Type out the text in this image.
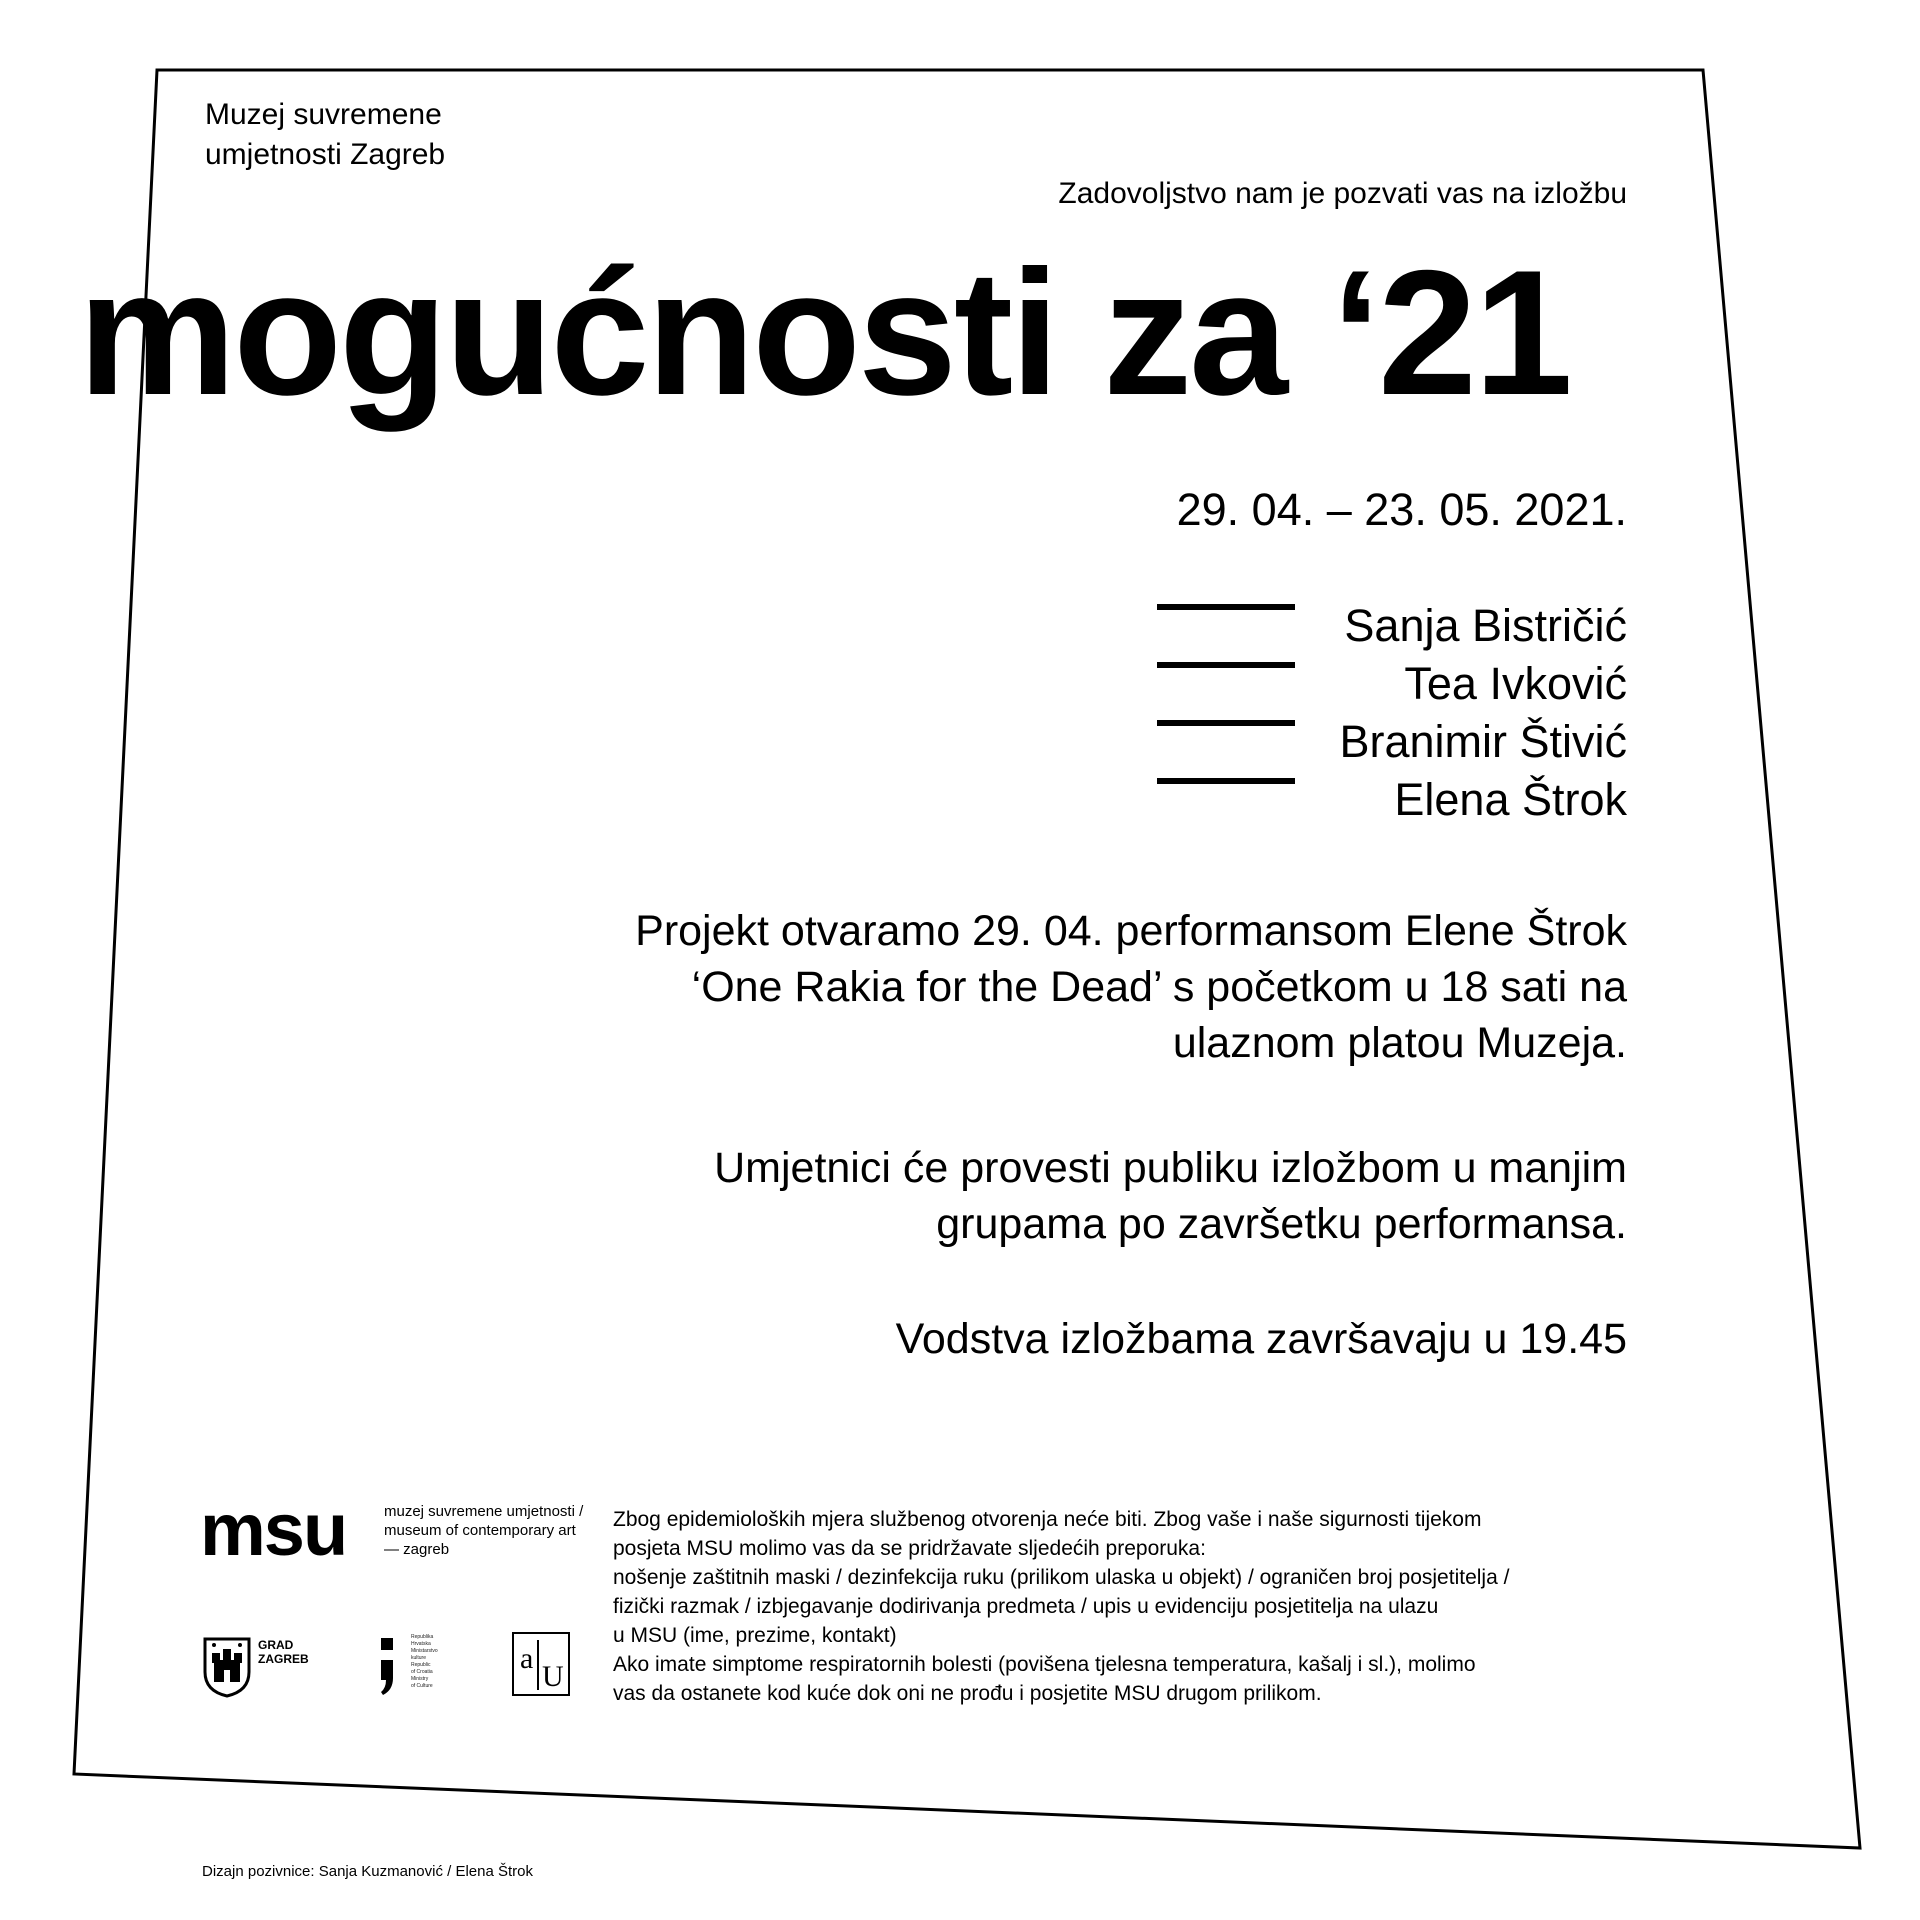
Muzej suvremene
umjetnosti Zagreb
Zadovoljstvo nam je pozvati vas na izložbu
mogućnosti za ‘21
29. 04. – 23. 05. 2021.
Sanja Bistričić
Tea Ivković
Branimir Štivić
Elena Štrok
Projekt otvaramo 29. 04. performansom Elene Štrok
‘One Rakia for the Dead’ s početkom u 18 sati na
ulaznom platou Muzeja.
Umjetnici će provesti publiku izložbom u manjim
grupama po završetku performansa.
Vodstva izložbama završavaju u 19.45
msu	muzej suvremene umjetnosti /
museum of contemporary art
— zagreb
GRAD
ZAGREB
Republika
Hrvatska
Ministarstvo
kulture
Republic
of Croatia
Ministry
of Culture
a
U
Zbog epidemioloških mjera službenog otvorenja neće biti. Zbog vaše i naše sigurnosti tijekom
posjeta MSU molimo vas da se pridržavate sljedećih preporuka:
nošenje zaštitnih maski / dezinfekcija ruku (prilikom ulaska u objekt) / ograničen broj posjetitelja /
fizički razmak / izbjegavanje dodirivanja predmeta / upis u evidenciju posjetitelja na ulazu
u MSU (ime, prezime, kontakt)
Ako imate simptome respiratornih bolesti (povišena tjelesna temperatura, kašalj i sl.), molimo
vas da ostanete kod kuće dok oni ne prođu i posjetite MSU drugom prilikom.
Dizajn pozivnice: Sanja Kuzmanović / Elena Štrok
